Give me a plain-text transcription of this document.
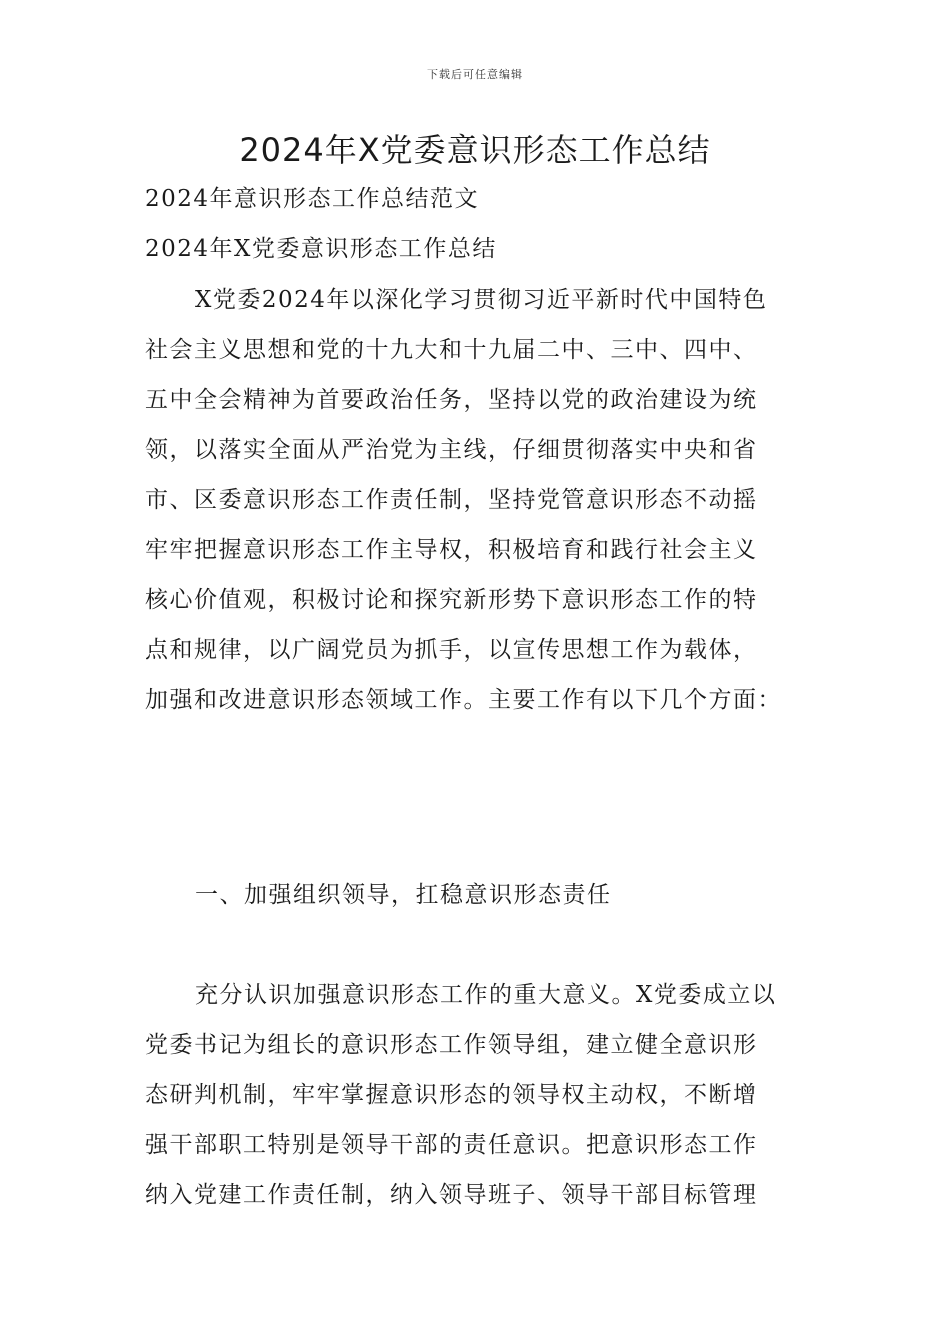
下载后可任意编辑
2024年X党委意识形态工作总结
2024年意识形态工作总结范文
2024年X党委意识形态工作总结
X党委2024年以深化学习贯彻习近平新时代中国特色
社会主义思想和党的十九大和十九届二中、三中、四中、
五中全会精神为首要政治任务，坚持以党的政治建设为统
领，以落实全面从严治党为主线，仔细贯彻落实中央和省
市、区委意识形态工作责任制，坚持党管意识形态不动摇
牢牢把握意识形态工作主导权，积极培育和践行社会主义
核心价值观，积极讨论和探究新形势下意识形态工作的特
点和规律，以广阔党员为抓手，以宣传思想工作为载体，
加强和改进意识形态领域工作。主要工作有以下几个方面：
一、加强组织领导，扛稳意识形态责任
充分认识加强意识形态工作的重大意义。X党委成立以
党委书记为组长的意识形态工作领导组，建立健全意识形
态研判机制，牢牢掌握意识形态的领导权主动权，不断增
强干部职工特别是领导干部的责任意识。把意识形态工作
纳入党建工作责任制，纳入领导班子、领导干部目标管理
